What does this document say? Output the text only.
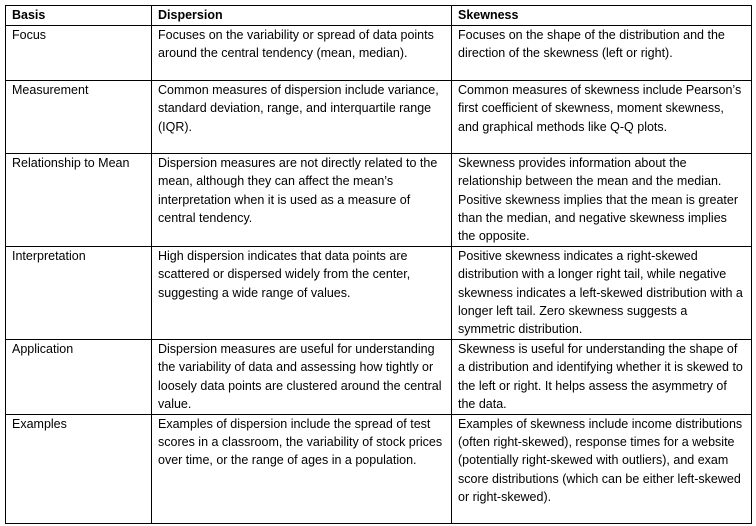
Basis	Dispersion	Skewness
Focus	Focuses on the variability or spread of data points around the central tendency (mean, median).	Focuses on the shape of the distribution and the direction of the skewness (left or right).
Measurement	Common measures of dispersion include variance, standard deviation, range, and interquartile range (IQR).	Common measures of skewness include Pearson’s first coefficient of skewness, moment skewness, and graphical methods like Q-Q plots.
Relationship to Mean	Dispersion measures are not directly related to the mean, although they can affect the mean’s interpretation when it is used as a measure of central tendency.	Skewness provides information about the relationship between the mean and the median. Positive skewness implies that the mean is greater than the median, and negative skewness implies the opposite.
Interpretation	High dispersion indicates that data points are scattered or dispersed widely from the center, suggesting a wide range of values.	Positive skewness indicates a right-skewed distribution with a longer right tail, while negative skewness indicates a left-skewed distribution with a longer left tail. Zero skewness suggests a symmetric distribution.
Application	Dispersion measures are useful for understanding the variability of data and assessing how tightly or loosely data points are clustered around the central value.	Skewness is useful for understanding the shape of a distribution and identifying whether it is skewed to the left or right. It helps assess the asymmetry of the data.
Examples	Examples of dispersion include the spread of test scores in a classroom, the variability of stock prices over time, or the range of ages in a population.	Examples of skewness include income distributions (often right-skewed), response times for a website (potentially right-skewed with outliers), and exam score distributions (which can be either left-skewed or right-skewed).
